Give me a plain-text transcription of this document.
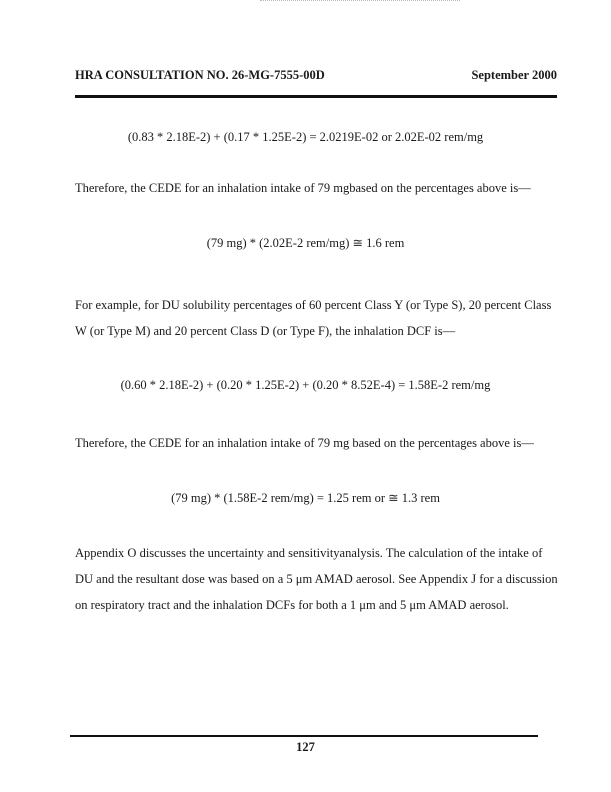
HRA CONSULTATION NO. 26-MG-7555-00D	September 2000
(0.83 * 2.18E-2) + (0.17 * 1.25E-2) = 2.0219E-02 or 2.02E-02 rem/mg
Therefore, the CEDE for an inhalation intake of 79 mgbased on the percentages above is—
(79 mg) * (2.02E-2 rem/mg) ≅ 1.6 rem
For example, for DU solubility percentages of 60 percent Class Y (or Type S), 20 percent Class W (or Type M) and 20 percent Class D (or Type F), the inhalation DCF is—
(0.60 * 2.18E-2) + (0.20 * 1.25E-2) + (0.20 * 8.52E-4) = 1.58E-2 rem/mg
Therefore, the CEDE for an inhalation intake of 79 mg based on the percentages above is—
(79 mg) * (1.58E-2 rem/mg) = 1.25 rem or ≅ 1.3 rem
Appendix O discusses the uncertainty and sensitivityanalysis. The calculation of the intake of DU and the resultant dose was based on a 5 μm AMAD aerosol. See Appendix J for a discussion on respiratory tract and the inhalation DCFs for both a 1 μm and 5 μm AMAD aerosol.
127
